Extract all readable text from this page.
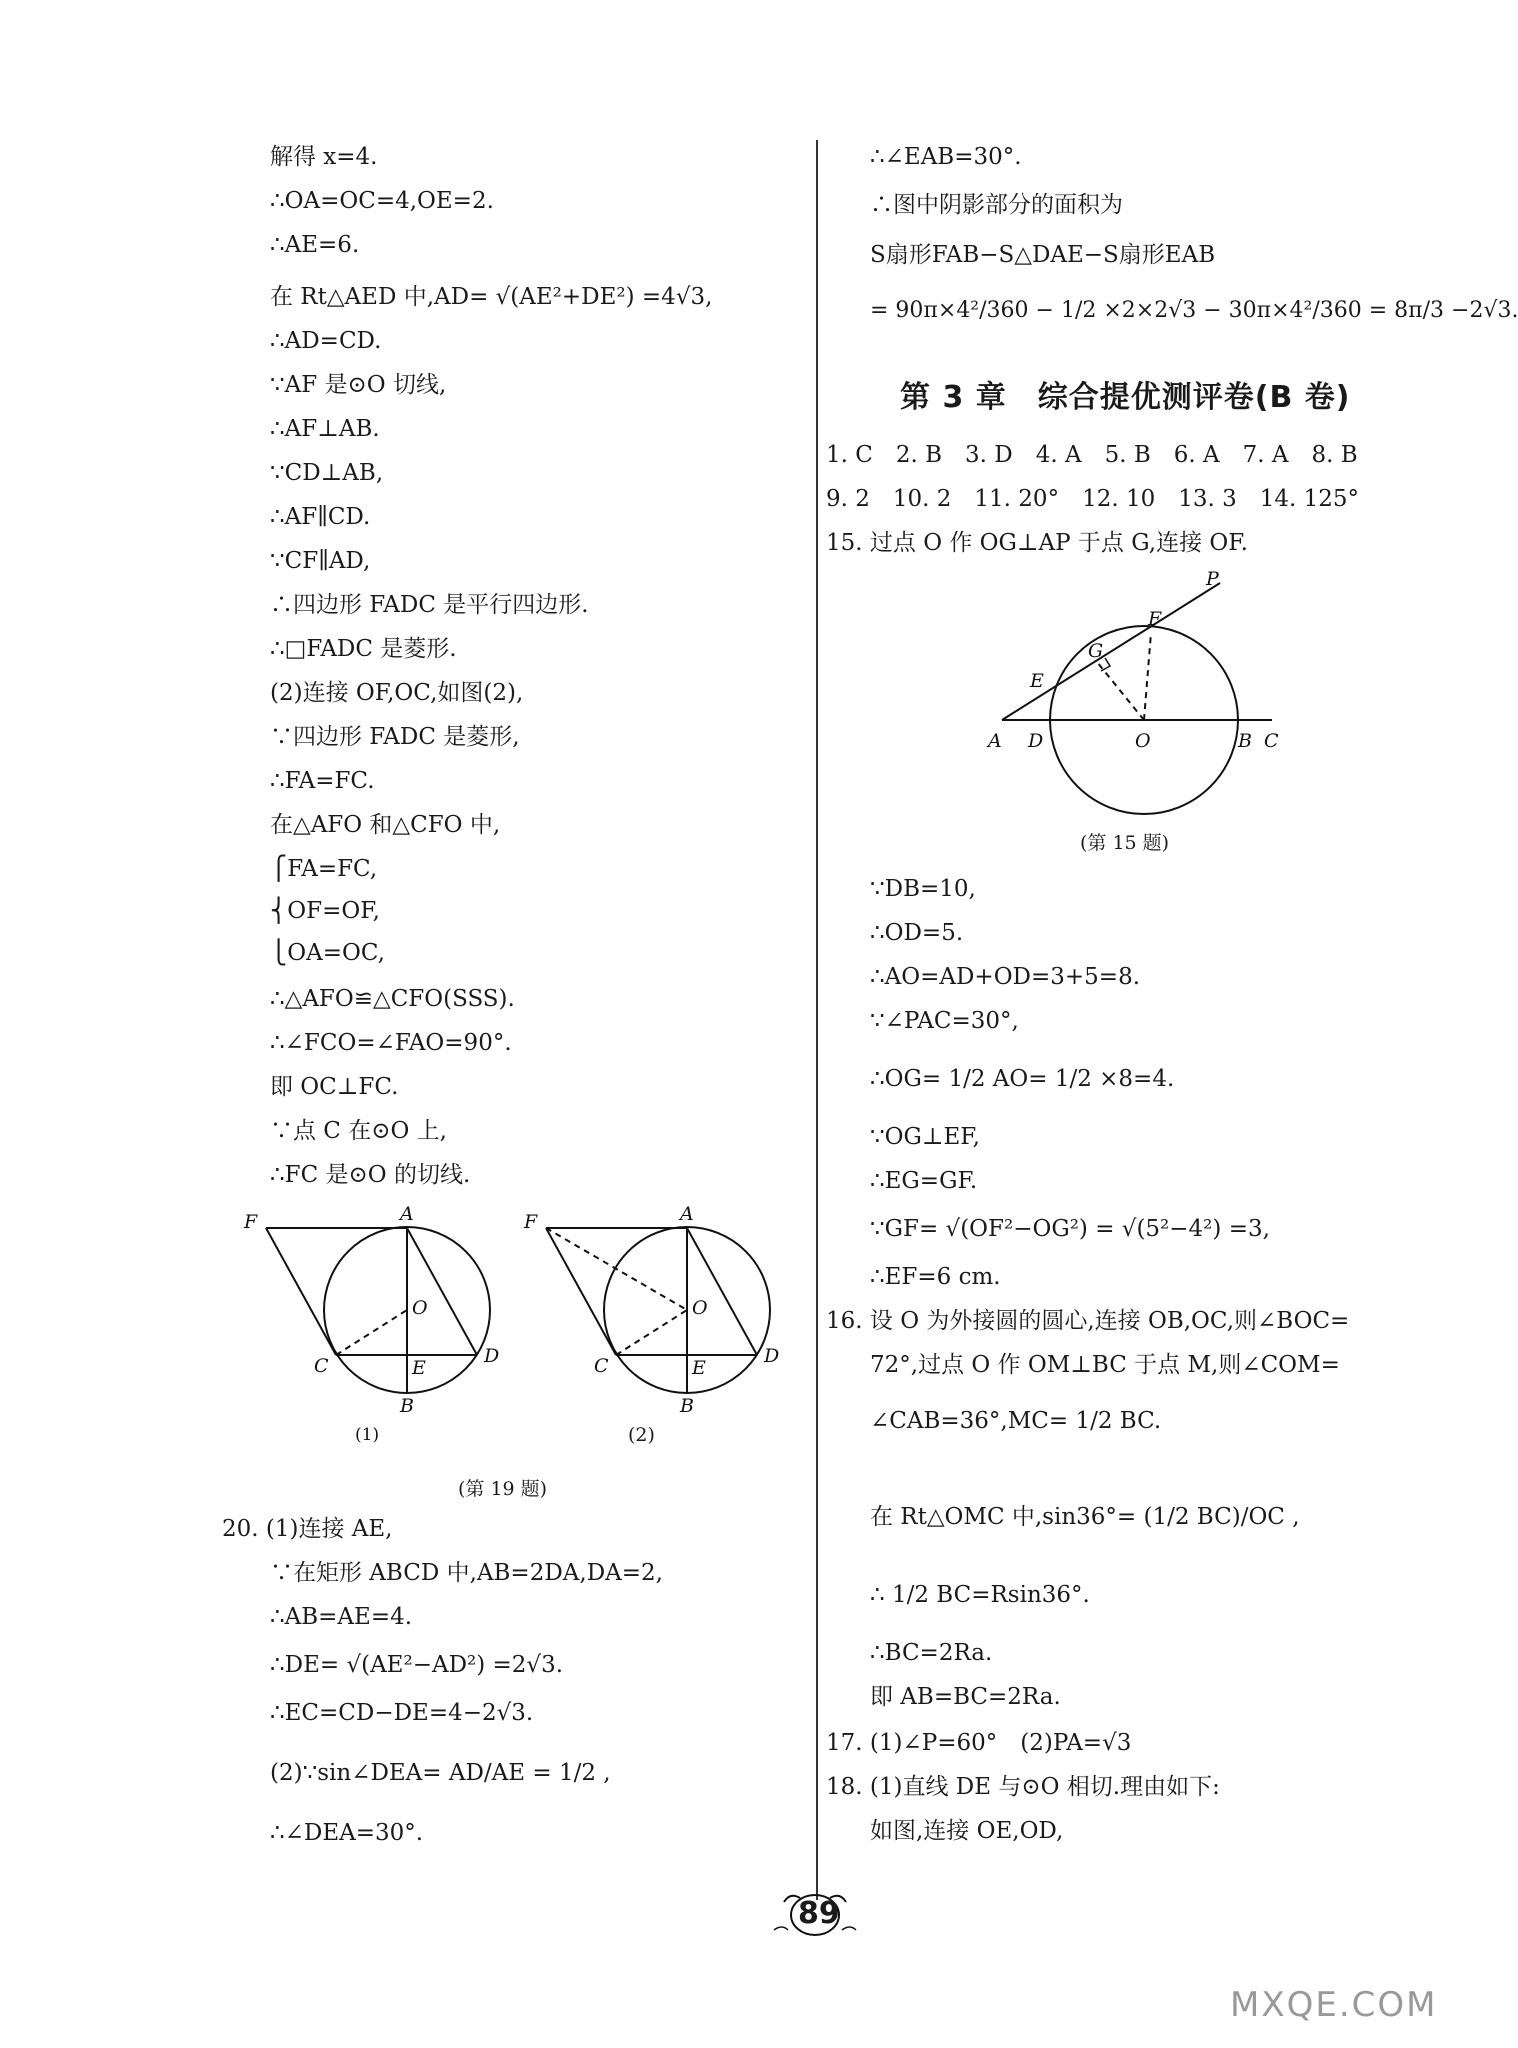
解得 x=4.
∴OA=OC=4,OE=2.
∴AE=6.
在 Rt△AED 中,AD= √(AE²+DE²) =4√3,
∴AD=CD.
∵AF 是⊙O 切线,
∴AF⊥AB.
∵CD⊥AB,
∴AF∥CD.
∵CF∥AD,
∴四边形 FADC 是平行四边形.
∴□FADC 是菱形.
(2)连接 OF,OC,如图(2),
∵四边形 FADC 是菱形,
∴FA=FC.
在△AFO 和△CFO 中,
⎧FA=FC,
⎨OF=OF,
⎩OA=OC,
∴△AFO≌△CFO(SSS).
∴∠FCO=∠FAO=90°.
即 OC⊥FC.
∵点 C 在⊙O 上,
∴FC 是⊙O 的切线.
F	A
O
C	E
D
B
(1)
F	A
O
C	E
D
B
(2)
(第 19 题)
20. (1)连接 AE,
∵在矩形 ABCD 中,AB=2DA,DA=2,
∴AB=AE=4.
∴DE= √(AE²−AD²) =2√3.
∴EC=CD−DE=4−2√3.
(2)∵sin∠DEA= AD/AE = 1/2 ,
∴∠DEA=30°.
∴∠EAB=30°.
∴图中阴影部分的面积为
S扇形FAB−S△DAE−S扇形EAB
= 90π×4²/360 − 1/2 ×2×2√3 − 30π×4²/360 = 8π/3 −2√3.
第 3 章　综合提优测评卷(B 卷)
1. C　2. B　3. D　4. A　5. B　6. A　7. A　8. B
9. 2　10. 2　11. 20°　12. 10　13. 3　14. 125°
15. 过点 O 作 OG⊥AP 于点 G,连接 OF.
P
F
G
E
A D	O	B C
(第 15 题)
∵DB=10,
∴OD=5.
∴AO=AD+OD=3+5=8.
∵∠PAC=30°,
∴OG= 1/2 AO= 1/2 ×8=4.
∵OG⊥EF,
∴EG=GF.
∵GF= √(OF²−OG²) = √(5²−4²) =3,
∴EF=6 cm.
16. 设 O 为外接圆的圆心,连接 OB,OC,则∠BOC=
72°,过点 O 作 OM⊥BC 于点 M,则∠COM=
∠CAB=36°,MC= 1/2 BC.
在 Rt△OMC 中,sin36°= (1/2 BC)/OC ,
∴ 1/2 BC=Rsin36°.
∴BC=2Ra.
即 AB=BC=2Ra.
17. (1)∠P=60°　(2)PA=√3
18. (1)直线 DE 与⊙O 相切.理由如下:
如图,连接 OE,OD,
89
MXQE.COM
